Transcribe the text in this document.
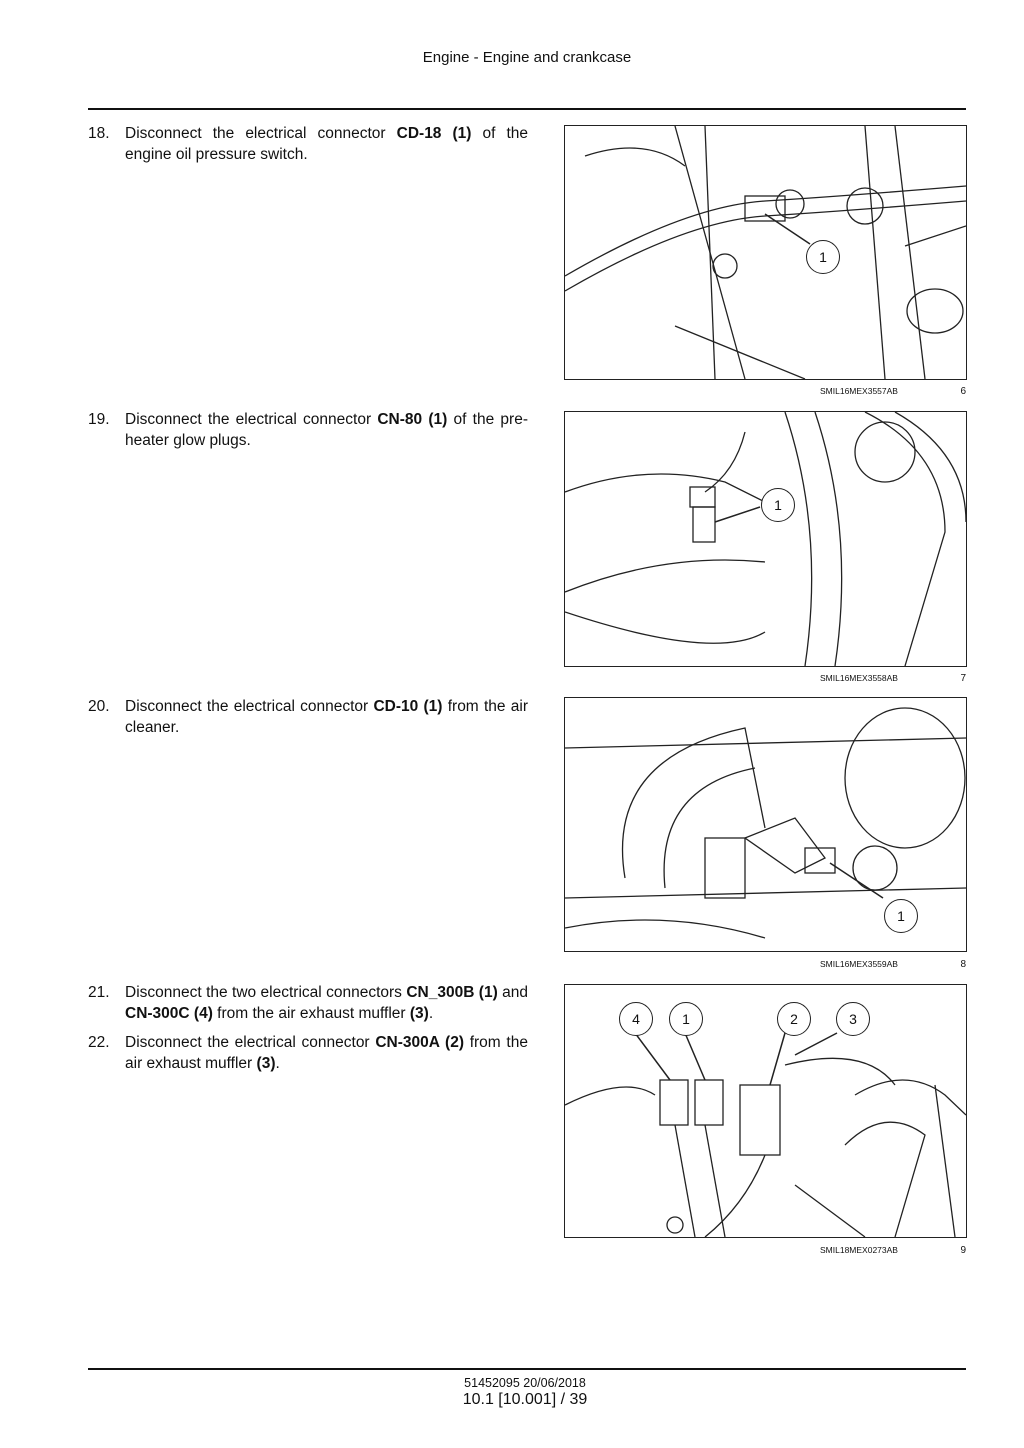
Engine - Engine and crankcase
18. Disconnect the electrical connector CD-18 (1) of the engine oil pressure switch.
19. Disconnect the electrical connector CN-80 (1) of the pre-heater glow plugs.
20. Disconnect the electrical connector CD-10 (1) from the air cleaner.
21. Disconnect the two electrical connectors CN_300B (1) and CN-300C (4) from the air exhaust muffler (3).
22. Disconnect the electrical connector CN-300A (2) from the air exhaust muffler (3).
1
SMIL16MEX3557AB	6
1
SMIL16MEX3558AB	7
1
SMIL16MEX3559AB	8
4	1	2	3
SMIL18MEX0273AB	9
51452095 20/06/2018
10.1 [10.001] / 39
